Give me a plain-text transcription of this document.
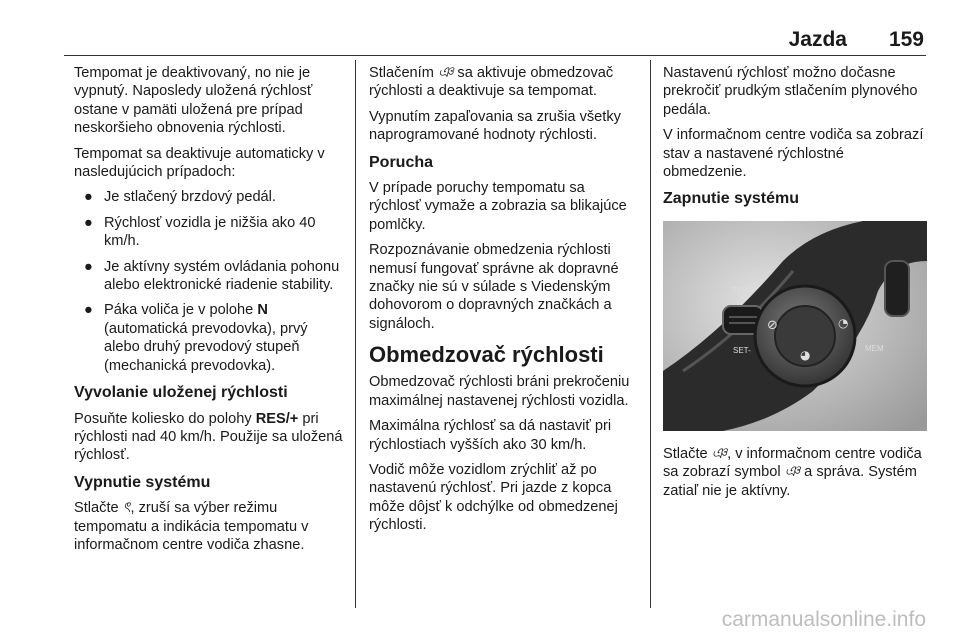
Jazda 159

Tempomat je deaktivovaný, no nie je vypnutý. Naposledy uložená rýchlosť ostane v pamäti uložená pre prípad neskoršieho obnovenia rýchlosti.

Tempomat sa deaktivuje automaticky v nasledujúcich prípadoch:

● Je stlačený brzdový pedál.
● Rýchlosť vozidla je nižšia ako 40 km/h.
● Je aktívny systém ovládania pohonu alebo elektronické riadenie stability.
● Páka voliča je v polohe N (automatická prevodovka), prvý alebo druhý prevodový stupeň (mechanická prevodovka).
Vyvolanie uloženej rýchlosti

Posuňte koliesko do polohy RES/+ pri rýchlosti nad 40 km/h. Použije sa uložená rýchlosť.

Vypnutie systému

Stlačte ৎ, zruší sa výber režimu tempomatu a indikácia tempomatu v informačnom centre vodiča zhasne.

Stlačením ঞ sa aktivuje obmedzovač rýchlosti a deaktivuje sa tempomat.

Vypnutím zapaľovania sa zrušia všetky naprogramované hodnoty rýchlosti.

Porucha

V prípade poruchy tempomatu sa rýchlosť vymaže a zobrazia sa blikajúce pomlčky.

Rozpoznávanie obmedzenia rýchlosti nemusí fungovať správne ak dopravné značky nie sú v súlade s Viedenským dohovorom o dopravných značkách a signáloch.

Obmedzovač rýchlosti

Obmedzovač rýchlosti bráni prekročeniu maximálnej nastavenej rýchlosti vozidla.

Maximálna rýchlosť sa dá nastaviť pri rýchlostiach vyšších ako 30 km/h.

Vodič môže vozidlom zrýchliť až po nastavenú rýchlosť. Pri jazde z kopca môže dôjsť k odchýlke od obmedzenej rýchlosti.

Nastavenú rýchlosť možno dočasne prekročiť prudkým stlačením plynového pedála.

V informačnom centre vodiča sa zobrazí stav a nastavené rýchlostné obmedzenie.

Zapnutie systému
RES+
SET-
⊘	◔
◕	MEM

Stlačte ঞ, v informačnom centre vodiča sa zobrazí symbol ঞ a správa. Systém zatiaľ nie je aktívny.

carmanualsonline.info
